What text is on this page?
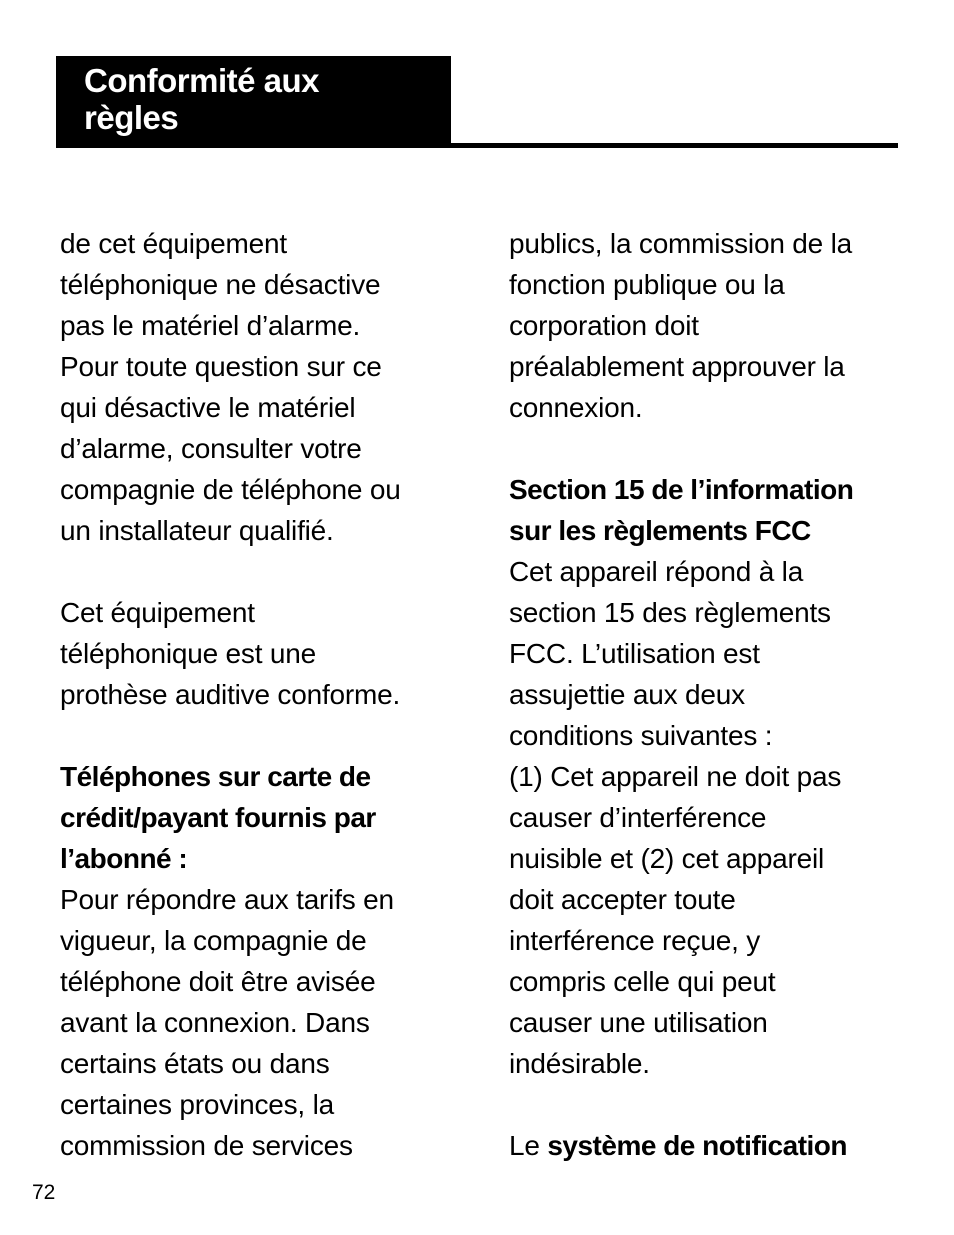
Conformité aux
règles

de cet équipement
téléphonique ne désactive
pas le matériel d’alarme.
Pour toute question sur ce
qui désactive le matériel
d’alarme, consulter votre
compagnie de téléphone ou
un installateur qualifié.

Cet équipement
téléphonique est une
prothèse auditive conforme.

Téléphones sur carte de
crédit/payant fournis par
l’abonné :

Pour répondre aux tarifs en
vigueur, la compagnie de
téléphone doit être avisée
avant la connexion. Dans
certains états ou dans
certaines provinces, la
commission de services

publics, la commission de la
fonction publique ou la
corporation doit
préalablement approuver la
connexion.

Section 15 de l’information
sur les règlements FCC

Cet appareil répond à la
section 15 des règlements
FCC. L’utilisation est
assujettie aux deux
conditions suivantes :
(1) Cet appareil ne doit pas
causer d’interférence
nuisible et (2) cet appareil
doit accepter toute
interférence reçue, y
compris celle qui peut
causer une utilisation
indésirable.

Le système de notification

72
